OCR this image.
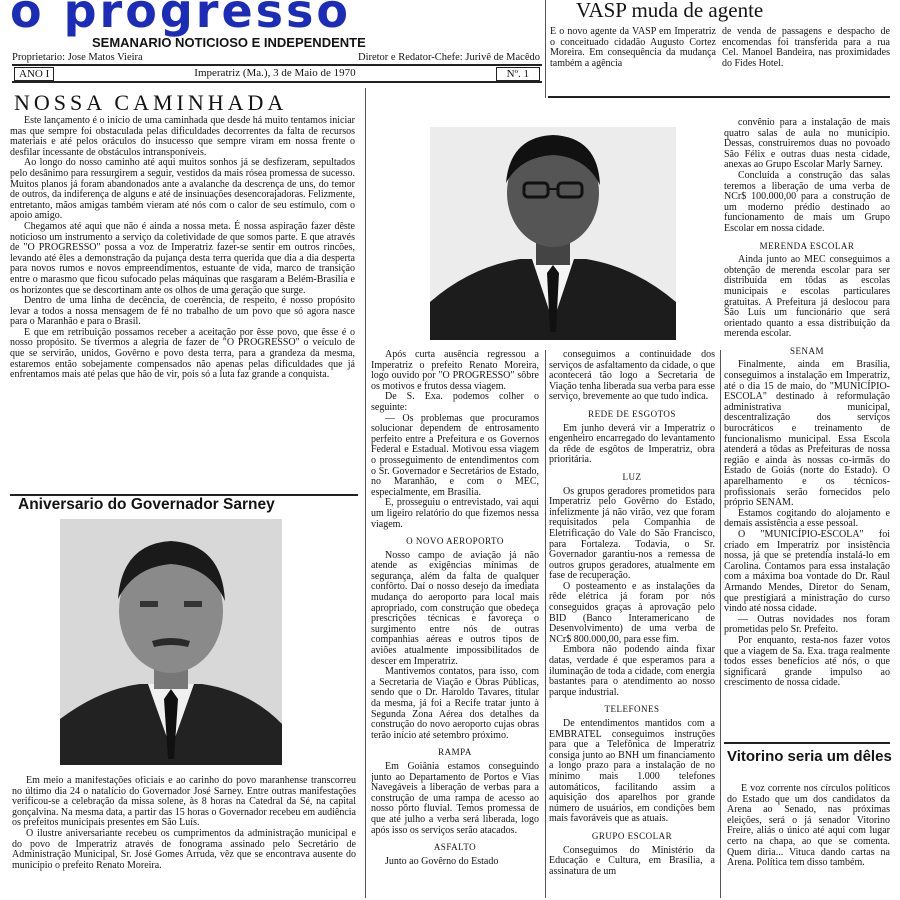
o progresso
SEMANARIO NOTICIOSO E INDEPENDENTE
Proprietario: Jose Matos Vieira	Diretor e Redator-Chefe: Jurivê de Macêdo
ANO I	Imperatriz (Ma.), 3 de Maio de 1970	Nº. 1
NOSSA CAMINHADA

Este lançamento é o início de uma caminhada que desde há muito tentamos iniciar mas que sempre foi obstaculada pelas dificuldades decorrentes da falta de recursos materiais e até pelos oráculos do insucesso que sempre viram em nossa frente o desfilar incessante de obstáculos intransponíveis.

Ao longo do nosso caminho até aqui muitos sonhos já se desfizeram, sepultados pelo desânimo para ressurgirem a seguir, vestidos da mais rósea promessa de sucesso. Muitos planos já foram abandonados ante a avalanche da descrença de uns, do temor de outros, da indiferença de alguns e até de insinuações desencorajadoras. Felizmente, entretanto, mãos amigas também vieram até nós com o calor de seu estímulo, com o apoio amigo.

Chegamos até aqui que não é ainda a nossa meta. É nossa aspiração fazer dêste noticioso um instrumento a serviço da coletividade de que somos parte. E que através de "O PROGRESSO" possa a voz de Imperatriz fazer-se sentir em outros rincões, levando até êles a demonstração da pujança desta terra querida que dia a dia desperta para novos rumos e novos empreendimentos, estuante de vida, marco de transição entre o marasmo que ficou sufocado pelas máquinas que rasgaram a Belém-Brasília e os horizontes que se descortinam ante os olhos de uma geração que surge.

Dentro de uma linha de decência, de coerência, de respeito, é nosso propósito levar a todos a nossa mensagem de fé no trabalho de um povo que só agora nasce para o Maranhão e para o Brasil.

E que em retribuição possamos receber a aceitação por êsse povo, que êsse é o nosso propósito. Se tivermos a alegria de fazer de "O PROGRESSO" o veículo de que se servirão, unidos, Govêrno e povo desta terra, para a grandeza da mesma, estaremos então sobejamente compensados não apenas pelas dificuldades que já enfrentamos mais até pelas que hão de vir, pois só a luta faz grande a conquista.

Aniversario do Governador Sarney

Em meio a manifestações oficiais e ao carinho do povo maranhense transcorreu no último dia 24 o natalício do Governador José Sarney. Entre outras manifestações verificou-se a celebração da missa solene, às 8 horas na Catedral da Sé, na capital gonçalvina. Na mesma data, a partir das 15 horas o Governador recebeu em audiência os prefeitos municipais presentes em São Luís.

O ilustre aniversariante recebeu os cumprimentos da administração municipal e do povo de Imperatriz através de fonograma assinado pelo Secretário de Administração Municipal, Sr. José Gomes Arruda, vêz que se encontrava ausente do município o prefeito Renato Moreira.

VASP muda de agente
É o novo agente da VASP em Imperatriz o conceituado cidadão Augusto Cortez Moreira. Em consequência da mudança também a agência
de venda de passagens e despacho de encomendas foi transferida para a rua Cel. Manoel Bandeira, nas proximidades do Fides Hotel.

Após curta ausência regressou a Imperatriz o prefeito Renato Moreira, logo ouvido por "O PROGRESSO" sôbre os motivos e frutos dessa viagem.

De S. Exa. podemos colher o seguinte:

— Os problemas que procuramos solucionar dependem de entrosamento perfeito entre a Prefeitura e os Governos Federal e Estadual. Motivou essa viagem o prosseguimento de entendimentos com o Sr. Governador e Secretários de Estado, no Maranhão, e com o MEC, especialmente, em Brasília.

E, prosseguiu o entrevistado, vai aqui um ligeiro relatório do que fizemos nessa viagem.

O NOVO AEROPORTO

Nosso campo de aviação já não atende as exigências mínimas de segurança, além da falta de qualquer confôrto. Daí o nosso desejo da imediata mudança do aeroporto para local mais apropriado, com construção que obedeça prescrições técnicas e favoreça o surgimento entre nós de outras companhias aéreas e outros tipos de aviões atualmente impossibilitados de descer em Imperatriz.

Mantivemos contatos, para isso, com a Secretaria de Viação e Obras Públicas, sendo que o Dr. Haroldo Tavares, titular da mesma, já foi a Recife tratar junto à Segunda Zona Aérea dos detalhes da construção do novo aeroporto cujas obras terão início até setembro próximo.

RAMPA

Em Goiânia estamos conseguindo junto ao Departamento de Portos e Vias Navegáveis a liberação de verbas para a construção de uma rampa de acesso ao nosso pôrto fluvial. Temos promessa de que até julho a verba será liberada, logo após isso os serviços serão atacados.

ASFALTO

Junto ao Govêrno do Estado

conseguimos a continuidade dos serviços de asfaltamento da cidade, o que acontecerá tão logo a Secretaria de Viação tenha liberada sua verba para esse serviço, brevemente ao que tudo indica.

REDE DE ESGOTOS

Em junho deverá vir a Imperatriz o engenheiro encarregado do levantamento da rêde de esgôtos de Imperatriz, obra prioritária.

LUZ

Os grupos geradores prometidos para Imperatriz pelo Govêrno do Estado, infelizmente já não virão, vez que foram requisitados pela Companhia de Eletrificação do Vale do São Francisco, para Fortaleza. Todavia, o Sr. Governador garantiu-nos a remessa de outros grupos geradores, atualmente em fase de recuperação.

O posteamento e as instalações da rêde elétrica já foram por nós conseguidos graças à aprovação pelo BID (Banco Interamericano de Desenvolvimento) de uma verba de NCr$ 800.000,00, para esse fim.

Embora não podendo ainda fixar datas, verdade é que esperamos para a iluminação de toda a cidade, com energia bastantes para o atendimento ao nosso parque industrial.

TELEFONES

De entendimentos mantidos com a EMBRATEL conseguimos instruções para que a Telefônica de Imperatriz consiga junto ao BNH um financiamento a longo prazo para a instalação de no mínimo mais 1.000 telefones automáticos, facilitando assim a aquisição dos aparelhos por grande número de usuários, em condições bem mais favoráveis que as atuais.

GRUPO ESCOLAR

Conseguimos do Ministério da Educação e Cultura, em Brasília, a assinatura de um

convênio para a instalação de mais quatro salas de aula no município. Dessas, construiremos duas no povoado São Félix e outras duas nesta cidade, anexas ao Grupo Escolar Marly Sarney.

Concluída a construção das salas teremos a liberação de uma verba de NCr$ 100.000,00 para a construção de um moderno prédio destinado ao funcionamento de mais um Grupo Escolar em nossa cidade.

MERENDA ESCOLAR

Ainda junto ao MEC conseguimos a obtenção de merenda escolar para ser distribuída em tôdas as escolas municipais e escolas particulares gratuitas. A Prefeitura já deslocou para São Luís um funcionário que será orientado quanto a essa distribuição da merenda escolar.

SENAM

Finalmente, ainda em Brasília, conseguimos a instalação em Imperatriz, até o dia 15 de maio, do "MUNICÍPIO-ESCOLA" destinado à reformulação administrativa municipal, descentralização dos serviços burocráticos e treinamento de funcionalismo municipal. Essa Escola atenderá a tôdas as Prefeituras de nossa região e ainda às nossas co-irmãs do Estado de Goiás (norte do Estado). O aparelhamento e os técnicos-profissionais serão fornecidos pelo próprio SENAM.

Estamos cogitando do alojamento e demais assistência a esse pessoal.

O "MUNICÍPIO-ESCOLA" foi criado em Imperatriz por insistência nossa, já que se pretendia instalá-lo em Carolina. Contamos para essa instalação com a máxima boa vontade do Dr. Raul Armando Mendes, Diretor do Senam, que prestigiará a ministração do curso vindo até nossa cidade.

— Outras novidades nos foram prometidas pelo Sr. Prefeito.

Por enquanto, resta-nos fazer votos que a viagem de Sa. Exa. traga realmente todos esses benefícios até nós, o que significará grande impulso ao crescimento de nossa cidade.

Vitorino seria um dêles

É voz corrente nos círculos políticos do Estado que um dos candidatos da Arena ao Senado, nas próximas eleições, será o já senador Vitorino Freire, aliás o único até aqui com lugar certo na chapa, ao que se comenta. Quem diria... Vituca dando cartas na Arena. Política tem disso também.
